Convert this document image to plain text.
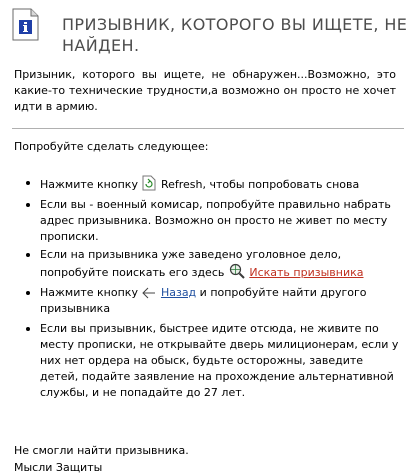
ПРИЗЫВНИК, КОТОРОГО ВЫ ИЩЕТЕ, НЕ НАЙДЕН.

Призыник, которого вы ищете, не обнаружен...Возможно, это какие-то технические трудности,а возможно он просто не хочет идти в армию.

Попробуйте сделать следующее:

Нажмите кнопку Refresh, чтобы попробовать снова
Если вы - военный комисар, попробуйте правильно набрать адрес призывника. Возможно он просто не живет по месту прописки.
Если на призывника уже заведено уголовное дело, попробуйте поискать его здесь Искать призывника
Нажмите кнопку Назад и попробуйте найти другого призывника
Если вы призывник, быстрее идите отсюда, не живите по месту прописки, не открывайте дверь милиционерам, если у них нет ордера на обыск, будьте осторожны, заведите детей, подайте заявление на прохождение альтернативной службы, и не попадайте до 27 лет.

Не смогли найти призывника.

Мысли Защиты
